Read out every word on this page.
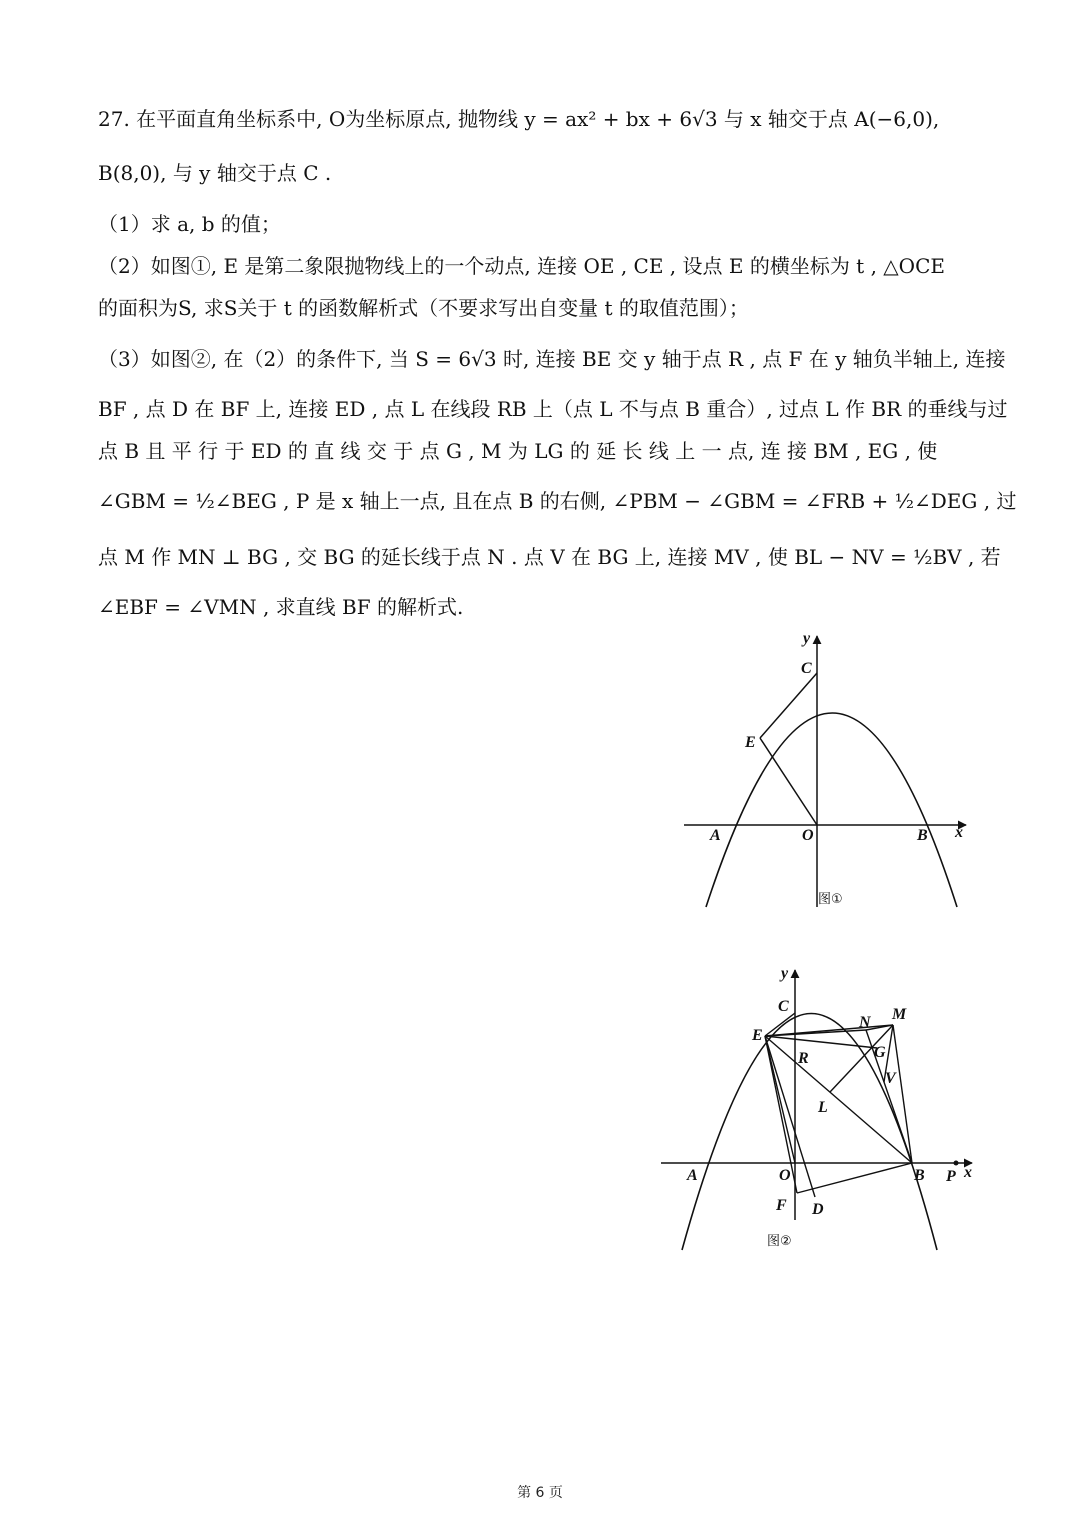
27. 在平面直角坐标系中, O为坐标原点, 抛物线 y = ax² + bx + 6√3 与 x 轴交于点 A(−6,0),
B(8,0), 与 y 轴交于点 C .
（1）求 a, b 的值；
（2）如图①, E 是第二象限抛物线上的一个动点, 连接 OE , CE , 设点 E 的横坐标为 t , △OCE
的面积为S, 求S关于 t 的函数解析式（不要求写出自变量 t 的取值范围）；
（3）如图②, 在（2）的条件下, 当 S = 6√3 时, 连接 BE 交 y 轴于点 R , 点 F 在 y 轴负半轴上, 连接
BF , 点 D 在 BF 上, 连接 ED , 点 L 在线段 RB 上（点 L 不与点 B 重合）, 过点 L 作 BR 的垂线与过
点 B 且 平 行 于 ED 的 直 线 交 于 点 G , M 为 LG 的 延 长 线 上 一 点, 连 接 BM , EG , 使
∠GBM = ½∠BEG , P 是 x 轴上一点, 且在点 B 的右侧, ∠PBM − ∠GBM = ∠FRB + ½∠DEG , 过
点 M 作 MN ⊥ BG , 交 BG 的延长线于点 N . 点 V 在 BG 上, 连接 MV , 使 BL − NV = ½BV , 若
∠EBF = ∠VMN , 求直线 BF 的解析式.
y
C
E
A	O	B x
图①
y
C
E
R
N M
G
V
L
A	O	B P x
F D
图②
第 6 页
